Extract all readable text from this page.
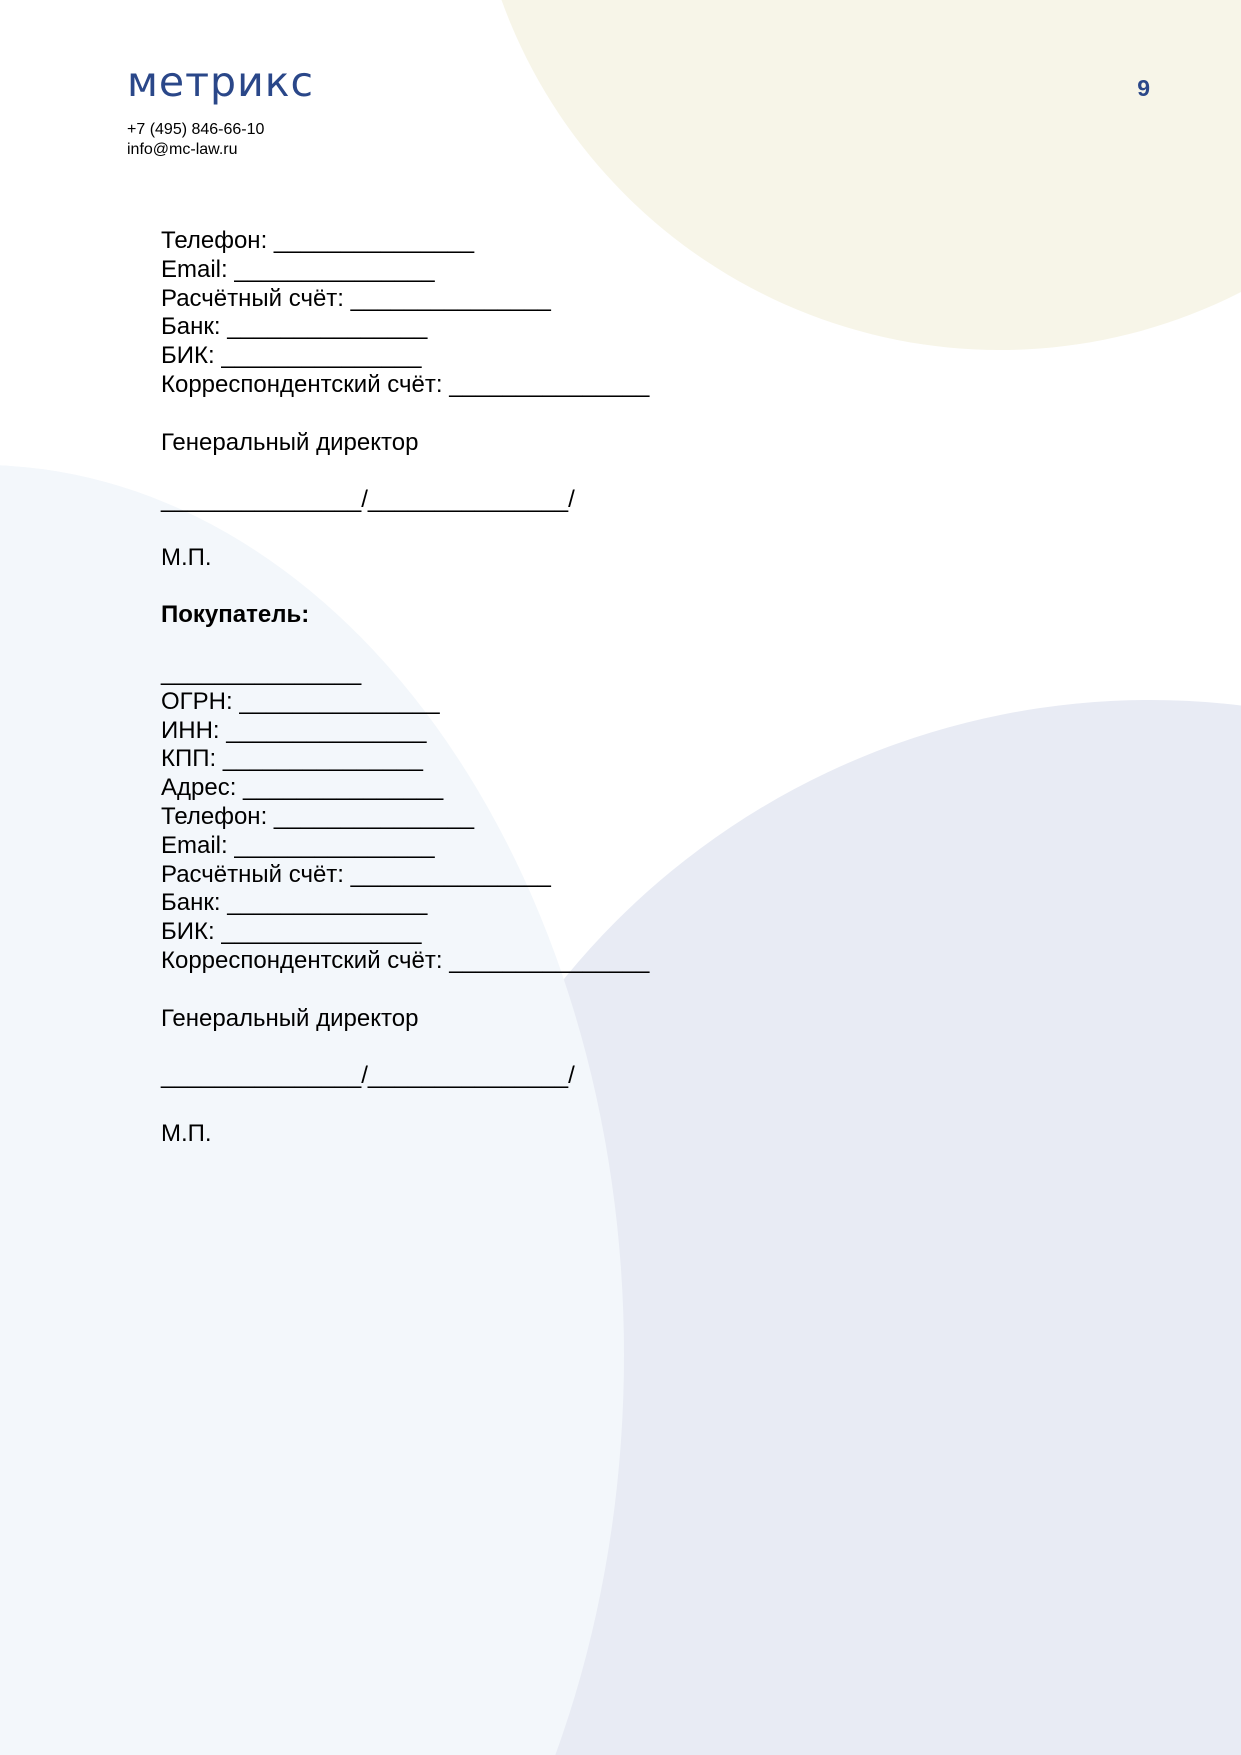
метрикс
+7 (495) 846-66-10
info@mc-law.ru
9
Телефон: _______________
Email: _______________
Расчётный счёт: _______________
Банк: _______________
БИК: _______________
Корреспондентский счёт: _______________
Генеральный директор
_______________/_______________/
М.П.
Покупатель:
_______________
ОГРН: _______________
ИНН: _______________
КПП: _______________
Адрес: _______________
Телефон: _______________
Email: _______________
Расчётный счёт: _______________
Банк: _______________
БИК: _______________
Корреспондентский счёт: _______________
Генеральный директор
_______________/_______________/
М.П.
